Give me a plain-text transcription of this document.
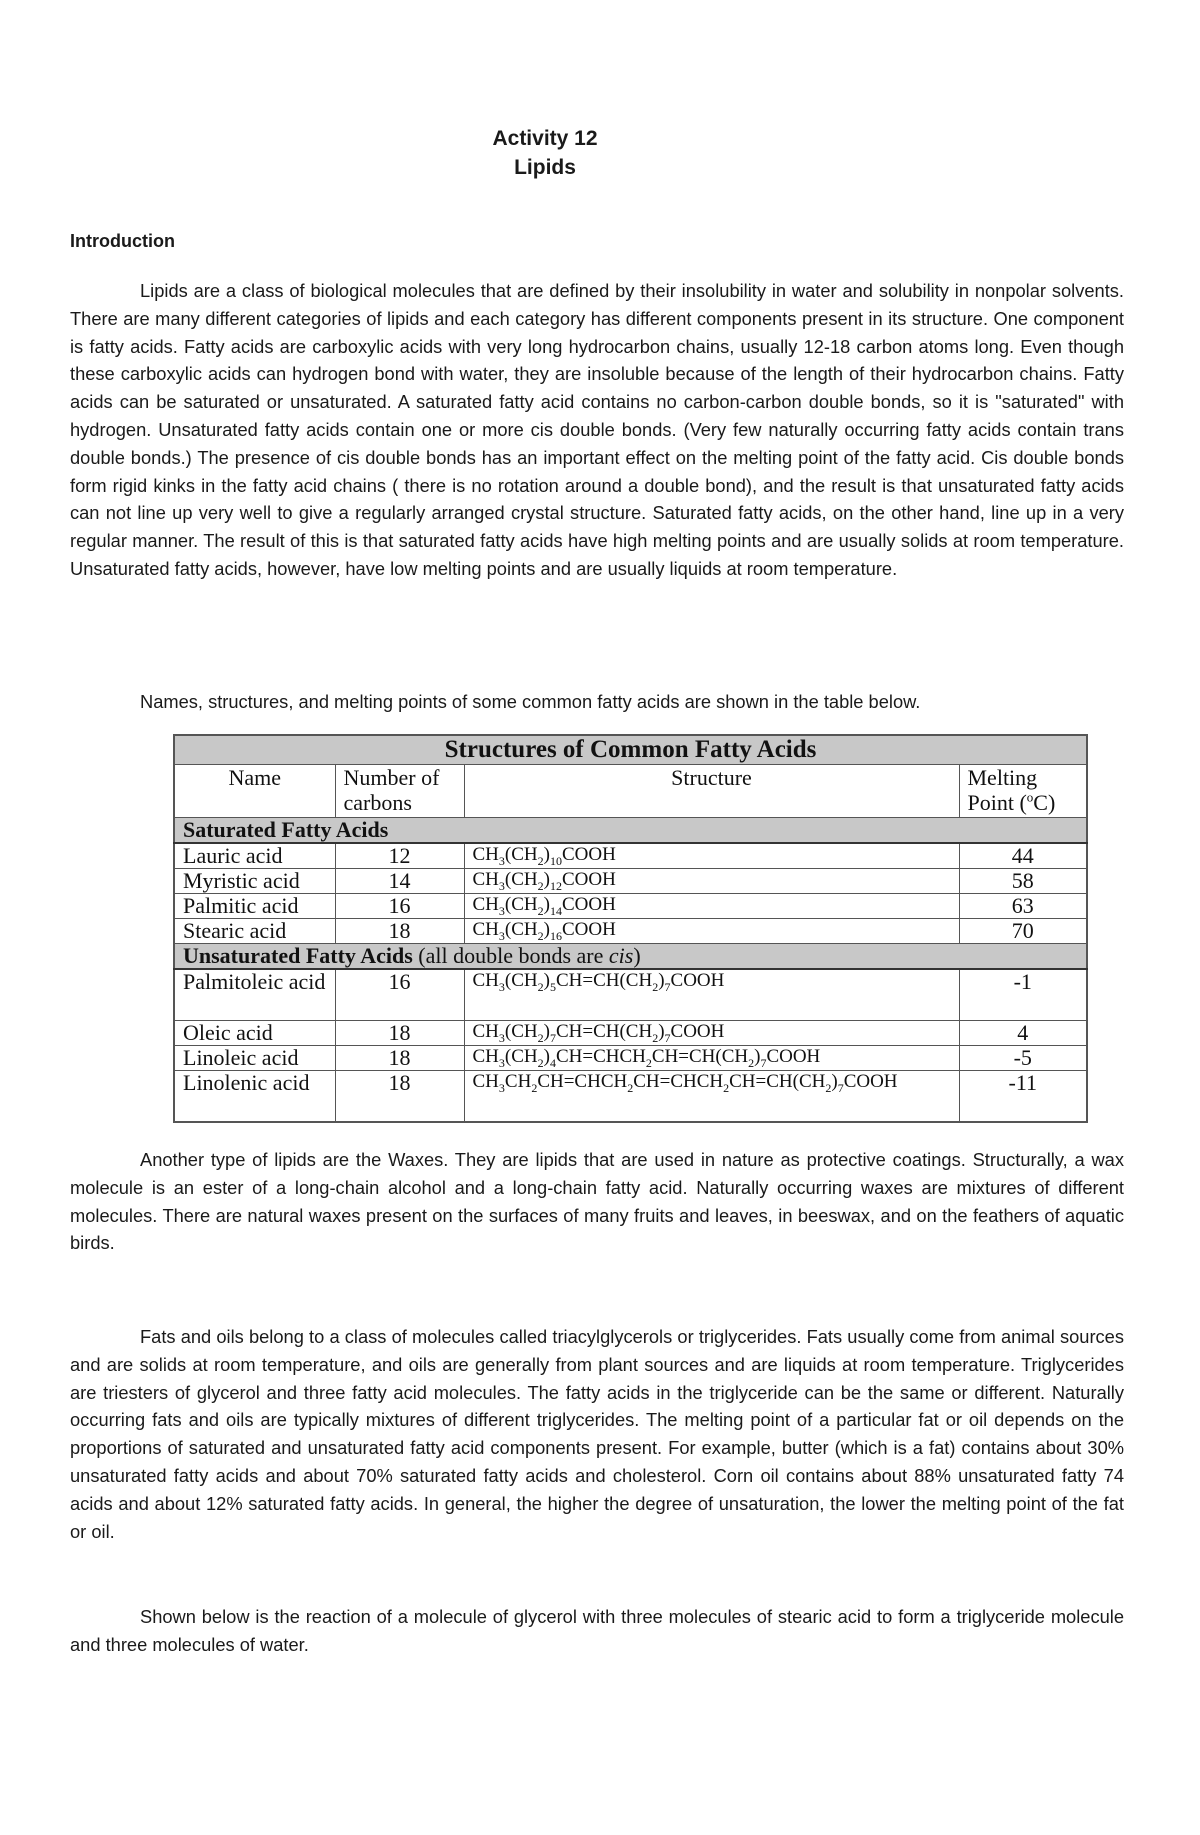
Activity 12
Lipids
Introduction

Lipids are a class of biological molecules that are defined by their insolubility in water and solubility in nonpolar solvents. There are many different categories of lipids and each category has different components present in its structure. One component is fatty acids. Fatty acids are carboxylic acids with very long hydrocarbon chains, usually 12-18 carbon atoms long. Even though these carboxylic acids can hydrogen bond with water, they are insoluble because of the length of their hydrocarbon chains. Fatty acids can be saturated or unsaturated. A saturated fatty acid contains no carbon-carbon double bonds, so it is "saturated" with hydrogen. Unsaturated fatty acids contain one or more cis double bonds. (Very few naturally occurring fatty acids contain trans double bonds.) The presence of cis double bonds has an important effect on the melting point of the fatty acid. Cis double bonds form rigid kinks in the fatty acid chains ( there is no rotation around a double bond), and the result is that unsaturated fatty acids can not line up very well to give a regularly arranged crystal structure. Saturated fatty acids, on the other hand, line up in a very regular manner. The result of this is that saturated fatty acids have high melting points and are usually solids at room temperature. Unsaturated fatty acids, however, have low melting points and are usually liquids at room temperature.

Names, structures, and melting points of some common fatty acids are shown in the table below.

Structures of Common Fatty Acids			
Name	Number of carbons	Structure	Melting Point ($^o$C)
Saturated Fatty Acids			
Lauric acid	12	$CH_3(CH_2)_{10}COOH$	44
Myristic acid	14	$CH_3(CH_2)_{12}COOH$	58
Palmitic acid	16	$CH_3(CH_2)_{14}COOH$	63
Stearic acid	18	$CH_3(CH_2)_{16}COOH$	70
Unsaturated Fatty Acids (all double bonds are cis)			
Palmitoleic acid	16	$CH_3(CH_2)_5CH=CH(CH_2)_7COOH$	-1
Oleic acid	18	$CH_3(CH_2)_7CH=CH(CH_2)_7COOH$	4
Linoleic acid	18	$CH_3(CH_2)_4CH=CHCH_2CH=CH(CH_2)_7COOH$	-5
Linolenic acid	18	$CH_3CH_2CH=CHCH_2CH=CHCH_2CH=CH(CH_2)_7COOH$	-11

Another type of lipids are the Waxes. They are lipids that are used in nature as protective coatings. Structurally, a wax molecule is an ester of a long-chain alcohol and a long-chain fatty acid. Naturally occurring waxes are mixtures of different molecules. There are natural waxes present on the surfaces of many fruits and leaves, in beeswax, and on the feathers of aquatic birds.

Fats and oils belong to a class of molecules called triacylglycerols or triglycerides. Fats usually come from animal sources and are solids at room temperature, and oils are generally from plant sources and are liquids at room temperature. Triglycerides are triesters of glycerol and three fatty acid molecules. The fatty acids in the triglyceride can be the same or different. Naturally occurring fats and oils are typically mixtures of different triglycerides. The melting point of a particular fat or oil depends on the proportions of saturated and unsaturated fatty acid components present. For example, butter (which is a fat) contains about 30% unsaturated fatty acids and about 70% saturated fatty acids and cholesterol. Corn oil contains about 88% unsaturated fatty 74 acids and about 12% saturated fatty acids. In general, the higher the degree of unsaturation, the lower the melting point of the fat or oil.

Shown below is the reaction of a molecule of glycerol with three molecules of stearic acid to form a triglyceride molecule and three molecules of water.
